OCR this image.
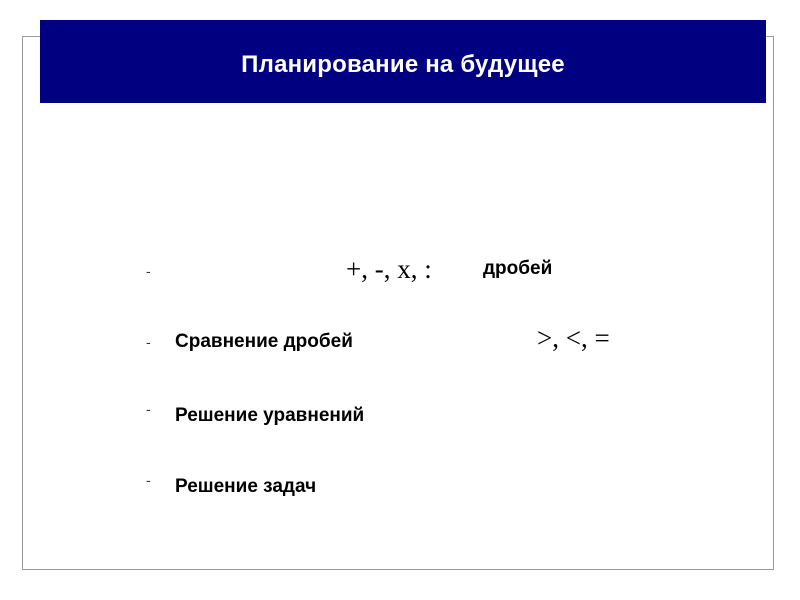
Планирование на будущее
-	+, -, x, :	дробей
- Сравнение дробей	>, <, =
- Решение уравнений
- Решение задач
